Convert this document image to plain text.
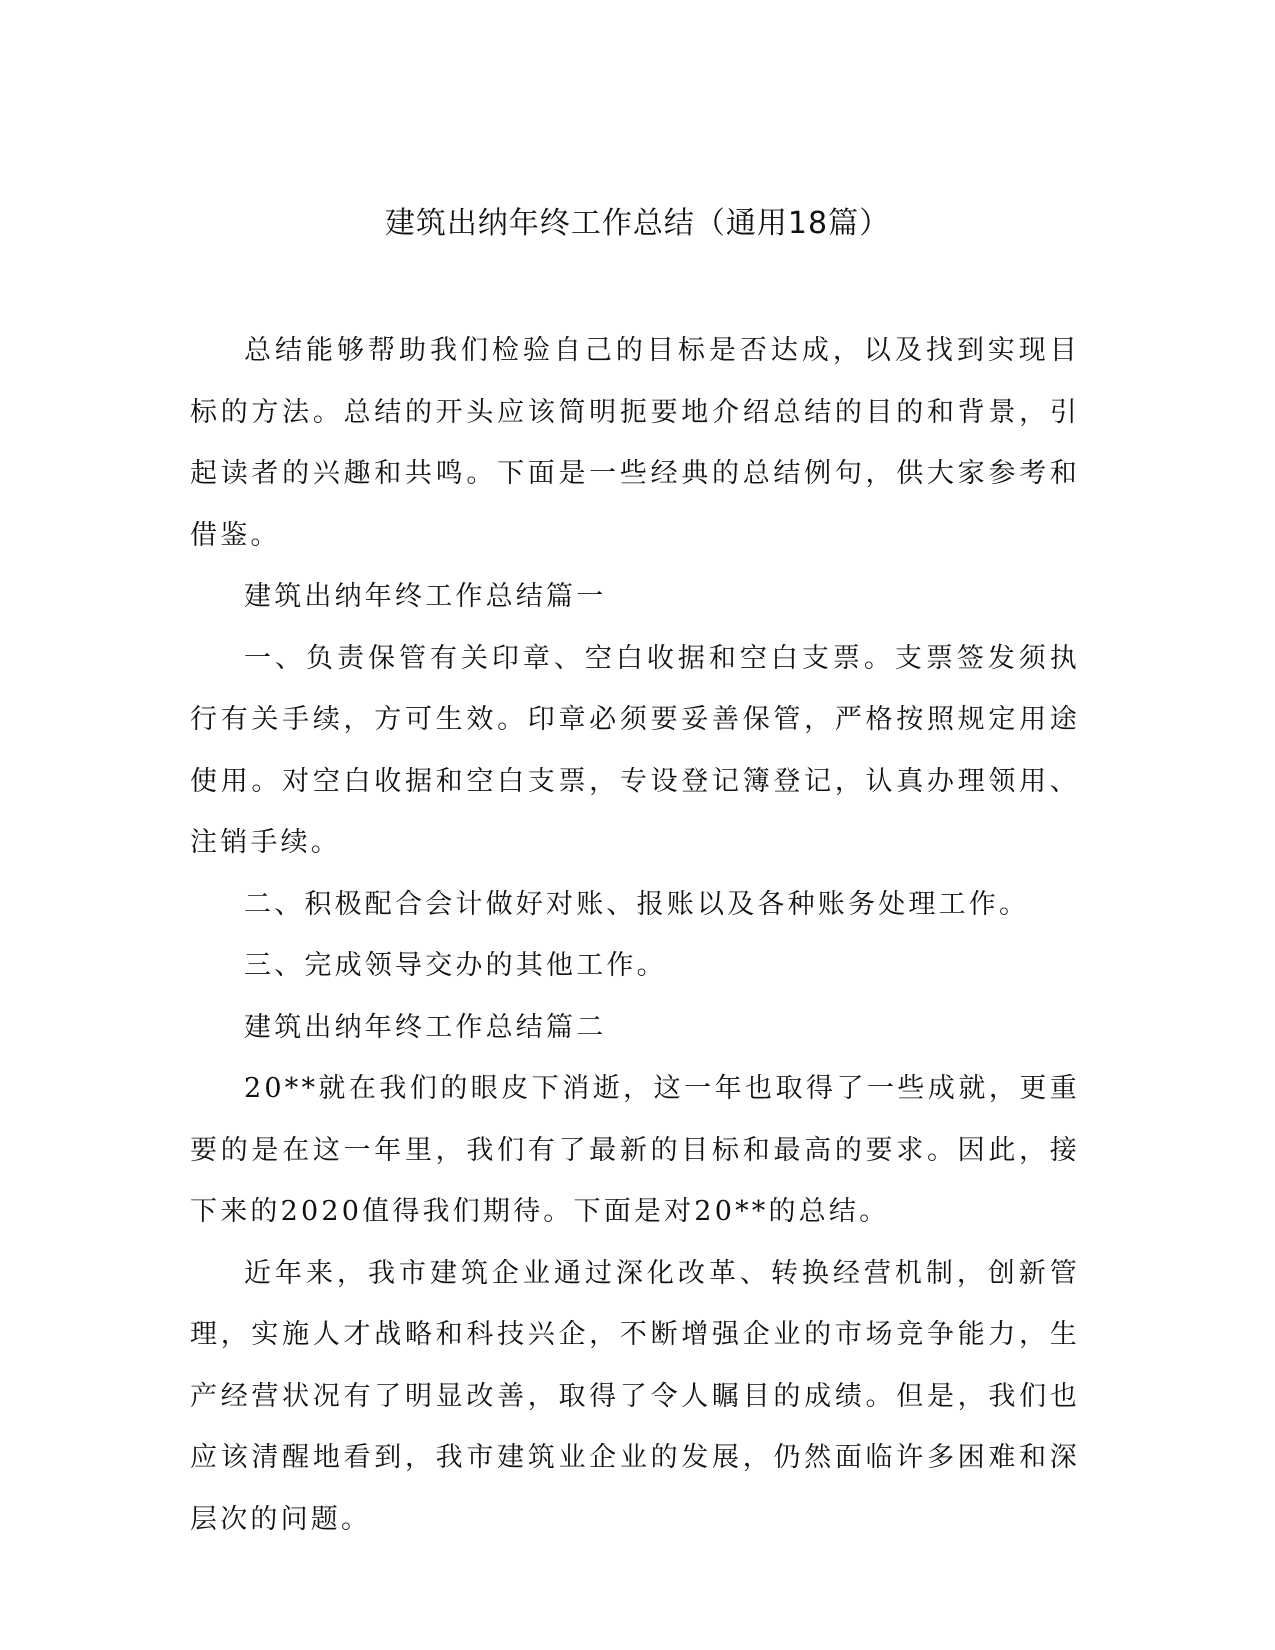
建筑出纳年终工作总结（通用18篇）

总结能够帮助我们检验自己的目标是否达成，以及找到实现目标的方法。总结的开头应该简明扼要地介绍总结的目的和背景，引起读者的兴趣和共鸣。下面是一些经典的总结例句，供大家参考和借鉴。

建筑出纳年终工作总结篇一

一、负责保管有关印章、空白收据和空白支票。支票签发须执行有关手续，方可生效。印章必须要妥善保管，严格按照规定用途使用。对空白收据和空白支票，专设登记簿登记，认真办理领用、注销手续。

二、积极配合会计做好对账、报账以及各种账务处理工作。

三、完成领导交办的其他工作。

建筑出纳年终工作总结篇二

20**就在我们的眼皮下消逝，这一年也取得了一些成就，更重要的是在这一年里，我们有了最新的目标和最高的要求。因此，接下来的2020值得我们期待。下面是对20**的总结。

近年来，我市建筑企业通过深化改革、转换经营机制，创新管理，实施人才战略和科技兴企，不断增强企业的市场竞争能力，生产经营状况有了明显改善，取得了令人瞩目的成绩。但是，我们也应该清醒地看到，我市建筑业企业的发展，仍然面临许多困难和深层次的问题。
